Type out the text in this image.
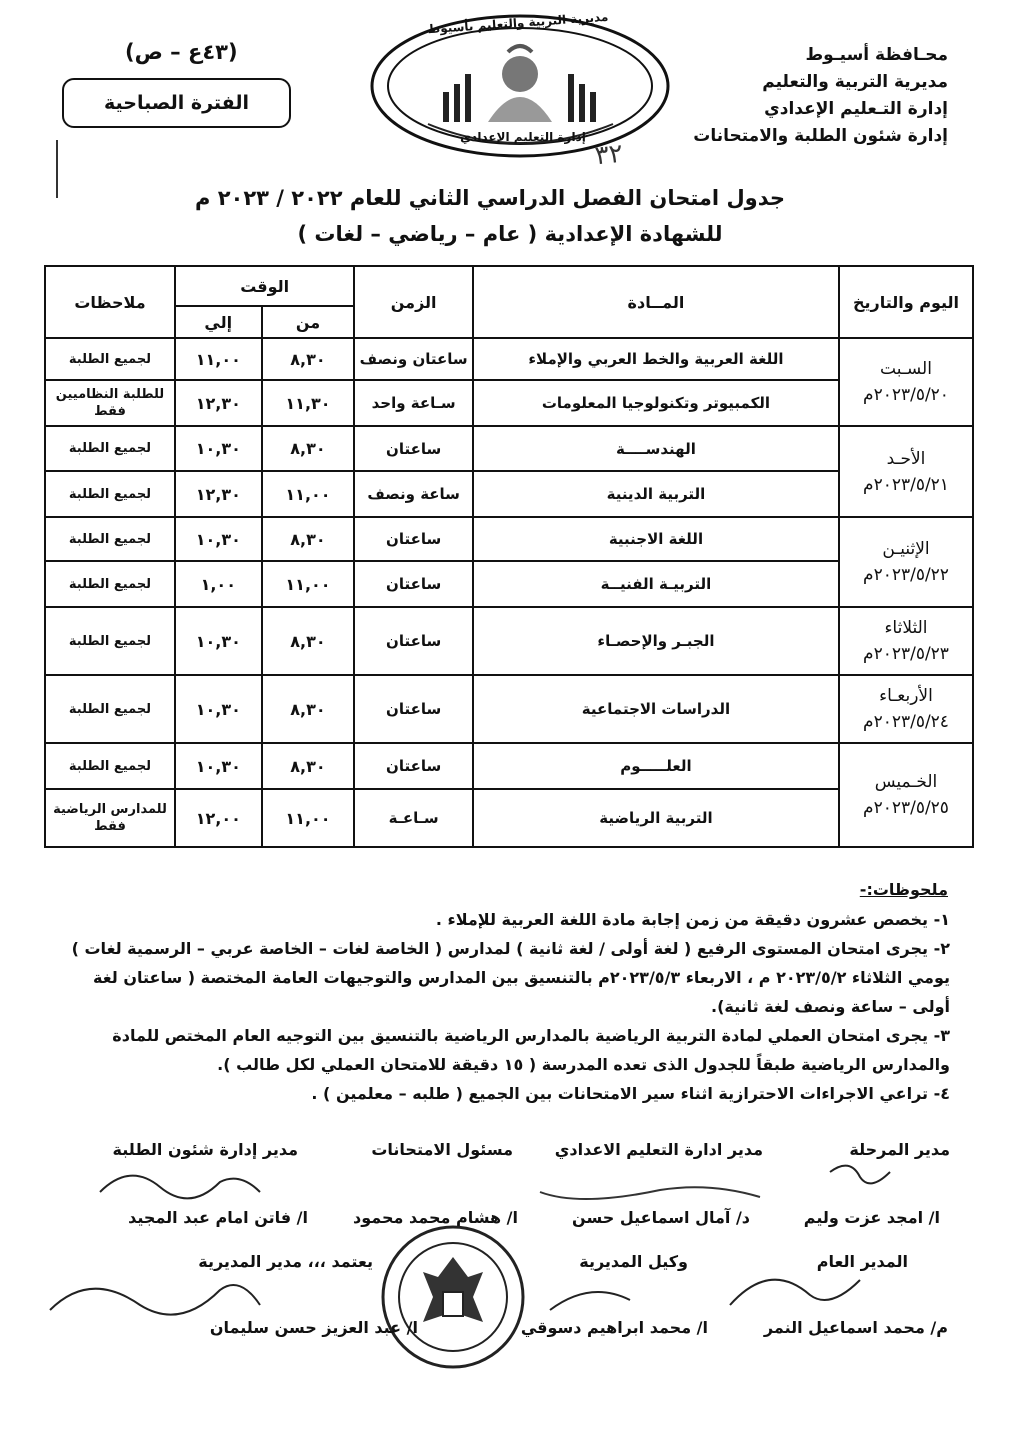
محـافظة أسيـوط
مديرية التربية والتعليم
إدارة التـعليم الإعدادي
إدارة شئون الطلبة والامتحانات
مديرية التربية والتعليم بأسيوط
إدارة التعليم الإعدادي
٣٢
(٤٣ع – ص)
الفترة الصباحية
جدول امتحان الفصل الدراسي الثاني للعام ٢٠٢٢ / ٢٠٢٣ م
للشهادة الإعدادية ( عام – رياضي – لغات )
اليوم والتاريخ	المــادة	الزمن	الوقت		ملاحظات
			من	إلي	

السـبت
٢٠٢٣/٥/٢٠م	اللغة العربية والخط العربي والإملاء	ساعتان ونصف	٨,٣٠	١١,٠٠	لجميع الطلبة
	الكمبيوتر وتكنولوجيا المعلومات	سـاعة واحد	١١,٣٠	١٢,٣٠	للطلبة النظاميين فقط

الأحـد
٢٠٢٣/٥/٢١م	الهندســــة	ساعتان	٨,٣٠	١٠,٣٠	لجميع الطلبة
	التربية الدينية	ساعة ونصف	١١,٠٠	١٢,٣٠	لجميع الطلبة

الإثنيـن
٢٠٢٣/٥/٢٢م	اللغة الاجنبية	ساعتان	٨,٣٠	١٠,٣٠	لجميع الطلبة
	التربيـة الفنيــة	ساعتان	١١,٠٠	١,٠٠	لجميع الطلبة

الثلاثاء
٢٠٢٣/٥/٢٣م	الجبـر والإحصـاء	ساعتان	٨,٣٠	١٠,٣٠	لجميع الطلبة

الأربعـاء
٢٠٢٣/٥/٢٤م	الدراسات الاجتماعية	ساعتان	٨,٣٠	١٠,٣٠	لجميع الطلبة

الخـميس
٢٠٢٣/٥/٢٥م	العلـــــوم	ساعتان	٨,٣٠	١٠,٣٠	لجميع الطلبة
	التربية الرياضية	سـاعـة	١١,٠٠	١٢,٠٠	للمدارس الرياضية فقط
ملحوظات:-

١- يخصص عشرون دقيقة من زمن إجابة مادة اللغة العربية للإملاء .

٢- يجرى امتحان المستوى الرفيع ( لغة أولى / لغة ثانية ) لمدارس ( الخاصة لغات – الخاصة عربي – الرسمية لغات ) يومي الثلاثاء ٢٠٢٣/٥/٢ م ، الاربعاء ٢٠٢٣/٥/٣م بالتنسيق بين المدارس والتوجيهات العامة المختصة ( ساعتان لغة أولى – ساعة ونصف لغة ثانية).

٣- يجرى امتحان العملي لمادة التربية الرياضية بالمدارس الرياضية بالتنسيق بين التوجيه العام المختص للمادة والمدارس الرياضية طبقاً للجدول الذى تعده المدرسة ( ١٥ دقيقة للامتحان العملي لكل طالب ).

٤- تراعي الاجراءات الاحترازية اثناء سير الامتحانات بين الجميع ( طلبه – معلمين ) .

مدير المرحلة
مدير ادارة التعليم الاعدادي
مسئول الامتحانات
مدير إدارة شئون الطلبة
ا/ امجد عزت وليم
د/ آمال اسماعيل حسن
ا/ هشام محمد محمود
ا/ فاتن امام عبد المجيد
المدير العام
وكيل المديرية
يعتمد ،،، مدير المديرية
م/ محمد اسماعيل النمر
ا/ محمد ابراهيم دسوقي
ا/ عبد العزيز حسن سليمان
